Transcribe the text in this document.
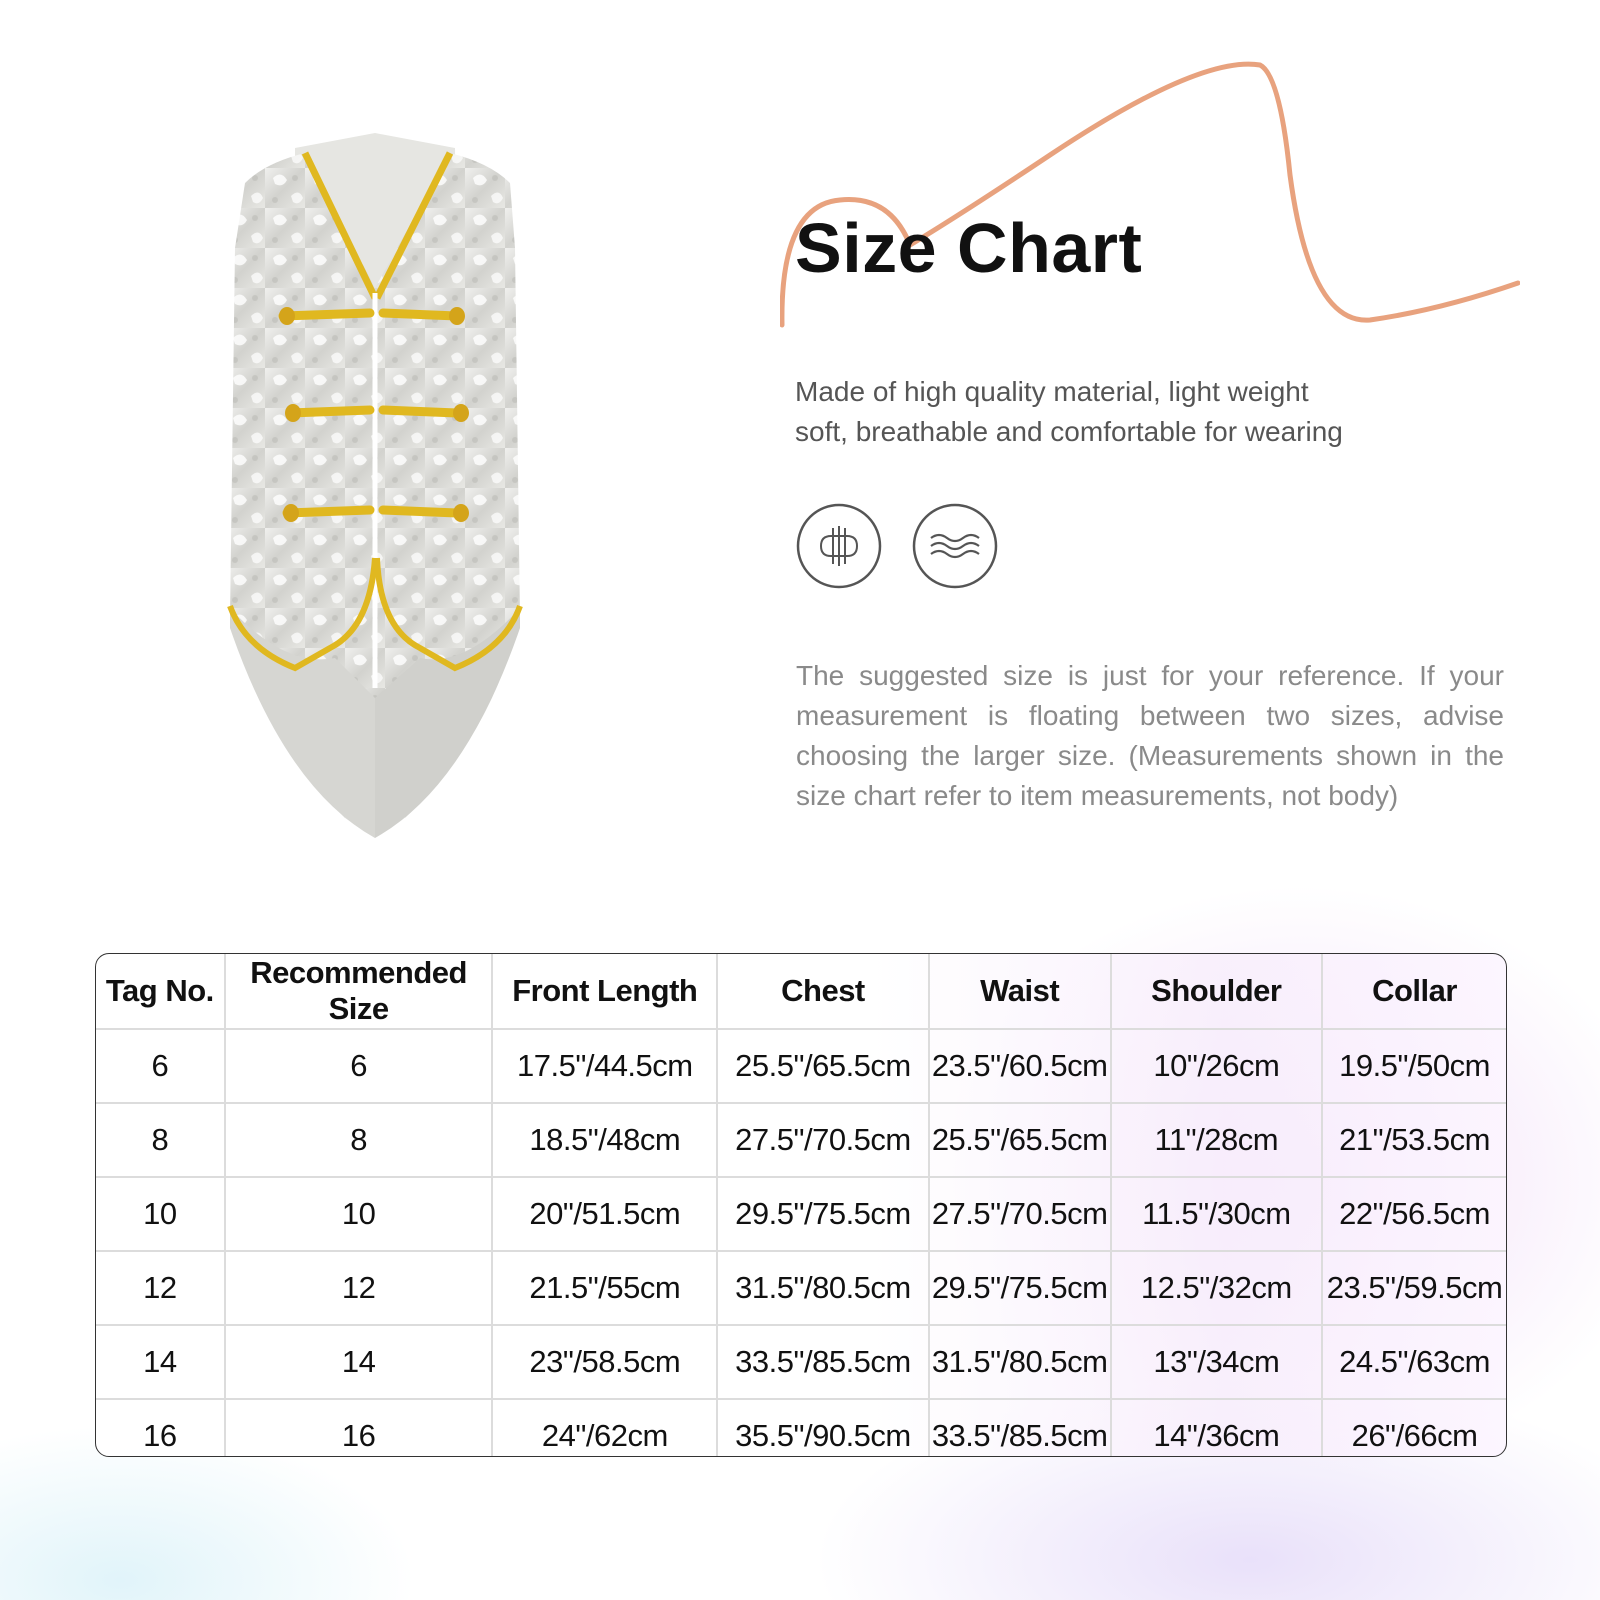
Size Chart
Made of high quality material, light weight
soft, breathable and comfortable for wearing
The suggested size is just for your reference. If your measurement is floating between two sizes, advise choosing the larger size. (Measurements shown in the size chart refer to item measurements, not body)
Tag No.	Recommended Size	Front Length	Chest	Waist	Shoulder	Collar
6	6	17.5"/44.5cm	25.5"/65.5cm	23.5"/60.5cm	10"/26cm	19.5"/50cm
8	8	18.5"/48cm	27.5"/70.5cm	25.5"/65.5cm	11"/28cm	21"/53.5cm
10	10	20"/51.5cm	29.5"/75.5cm	27.5"/70.5cm	11.5"/30cm	22"/56.5cm
12	12	21.5"/55cm	31.5"/80.5cm	29.5"/75.5cm	12.5"/32cm	23.5"/59.5cm
14	14	23"/58.5cm	33.5"/85.5cm	31.5"/80.5cm	13"/34cm	24.5"/63cm
16	16	24"/62cm	35.5"/90.5cm	33.5"/85.5cm	14"/36cm	26"/66cm
